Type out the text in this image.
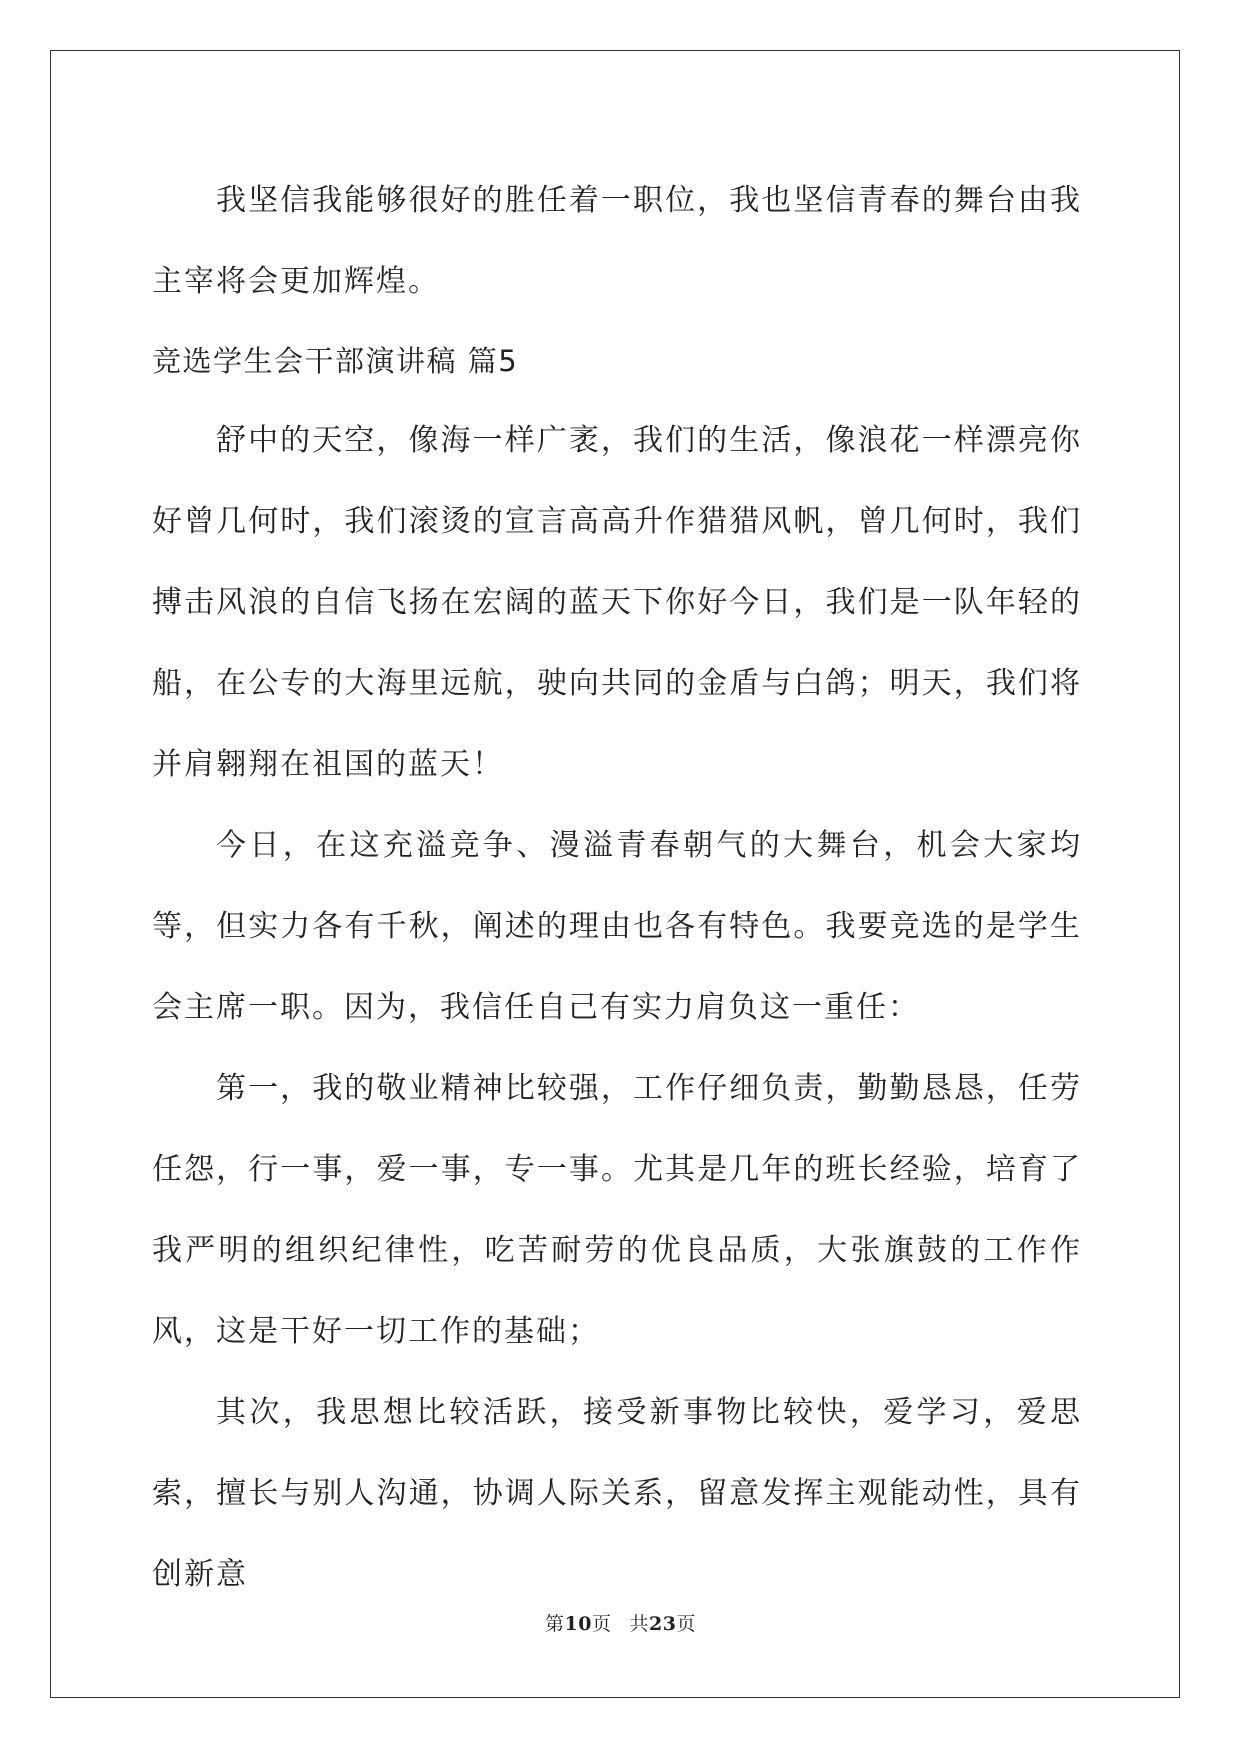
我坚信我能够很好的胜任着一职位，我也坚信青春的舞台由我主宰将会更加辉煌。

竞选学生会干部演讲稿 篇5

舒中的天空，像海一样广袤，我们的生活，像浪花一样漂亮你好曾几何时，我们滚烫的宣言高高升作猎猎风帆，曾几何时，我们搏击风浪的自信飞扬在宏阔的蓝天下你好今日，我们是一队年轻的船，在公专的大海里远航，驶向共同的金盾与白鸽；明天，我们将并肩翱翔在祖国的蓝天！

今日，在这充溢竞争、漫溢青春朝气的大舞台，机会大家均等，但实力各有千秋，阐述的理由也各有特色。我要竞选的是学生会主席一职。因为，我信任自己有实力肩负这一重任：

第一，我的敬业精神比较强，工作仔细负责，勤勤恳恳，任劳任怨，行一事，爱一事，专一事。尤其是几年的班长经验，培育了我严明的组织纪律性，吃苦耐劳的优良品质，大张旗鼓的工作作风，这是干好一切工作的基础；

其次，我思想比较活跃，接受新事物比较快，爱学习，爱思索，擅长与别人沟通，协调人际关系，留意发挥主观能动性，具有创新意

第10页 共23页
